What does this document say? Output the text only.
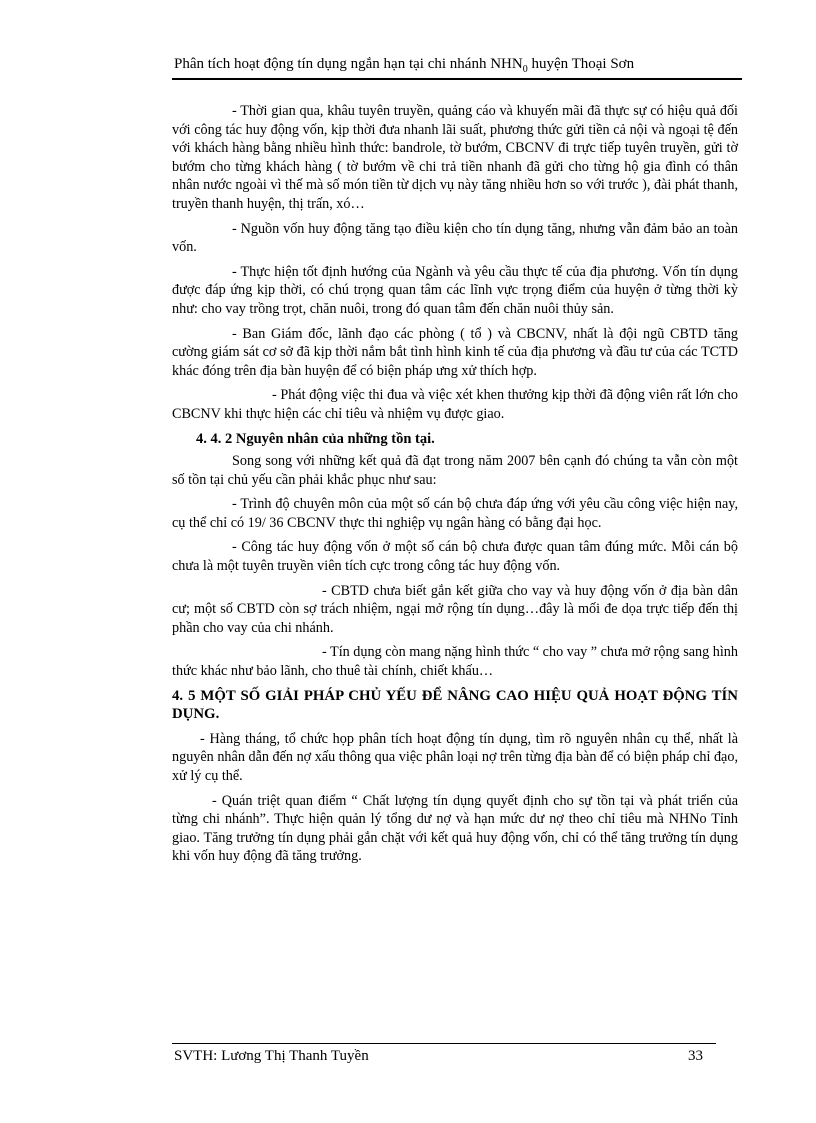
Phân tích hoạt động tín dụng ngắn hạn tại chi nhánh $NHN_0$ huyện Thoại Sơn

- Thời gian qua, khâu tuyên truyền, quảng cáo và khuyến mãi đã thực sự có hiệu quả đối với công tác huy động vốn, kịp thời đưa nhanh lãi suất, phương thức gửi tiền cả nội và ngoại tệ đến với khách hàng bằng nhiều hình thức: bandrole, tờ bướm, CBCNV đi trực tiếp tuyên truyền, gửi tờ bướm cho từng khách hàng ( tờ bướm về chi trả tiền nhanh đã gửi cho từng hộ gia đình có thân nhân nước ngoài vì thế mà số món tiền từ dịch vụ này tăng nhiều hơn so với trước ), đài phát thanh, truyền thanh huyện, thị trấn, xó…

- Nguồn vốn huy động tăng tạo điều kiện cho tín dụng tăng, nhưng vẫn đảm bảo an toàn vốn.

- Thực hiện tốt định hướng của Ngành và yêu cầu thực tế của địa phương. Vốn tín dụng được đáp ứng kịp thời, có chú trọng quan tâm các lĩnh vực trọng điểm của huyện ở từng thời kỳ như: cho vay trồng trọt, chăn nuôi, trong đó quan tâm đến chăn nuôi thủy sản.

- Ban Giám đốc, lãnh đạo các phòng ( tổ ) và CBCNV, nhất là đội ngũ CBTD tăng cường giám sát cơ sở đã kịp thời nắm bắt tình hình kinh tế của địa phương và đầu tư của các TCTD khác đóng trên địa bàn huyện để có biện pháp ưng xử thích hợp.

- Phát động việc thi đua và việc xét khen thưởng kịp thời đã động viên rất lớn cho CBCNV khi thực hiện các chỉ tiêu và nhiệm vụ được giao.

4. 4. 2 Nguyên nhân của những tồn tại.

Song song với những kết quả đã đạt trong năm 2007 bên cạnh đó chúng ta vẫn còn một số tồn tại chủ yếu cần phải khắc phục như sau:

- Trình độ chuyên môn của một số cán bộ chưa đáp ứng với yêu cầu công việc hiện nay, cụ thể chỉ có 19/ 36 CBCNV thực thi nghiệp vụ ngân hàng có bằng đại học.

- Công tác huy động vốn ở một số cán bộ chưa được quan tâm đúng mức. Mỗi cán bộ chưa là một tuyên truyền viên tích cực trong công tác huy động vốn.

- CBTD chưa biết gắn kết giữa cho vay và huy động vốn ở địa bàn dân cư; một số CBTD còn sợ trách nhiệm, ngại mở rộng tín dụng…đây là mối đe dọa trực tiếp đến thị phần cho vay của chi nhánh.

- Tín dụng còn mang nặng hình thức “ cho vay ” chưa mở rộng sang hình thức khác như bảo lãnh, cho thuê tài chính, chiết khấu…

4. 5 MỘT SỐ GIẢI PHÁP CHỦ YẾU ĐỂ NÂNG CAO HIỆU QUẢ HOẠT ĐỘNG TÍN DỤNG.

- Hàng tháng, tổ chức họp phân tích hoạt động tín dụng, tìm rõ nguyên nhân cụ thể, nhất là nguyên nhân dẫn đến nợ xấu thông qua việc phân loại nợ trên từng địa bàn để có biện pháp chỉ đạo, xử lý cụ thể.

- Quán triệt quan điểm “ Chất lượng tín dụng quyết định cho sự tồn tại và phát triển của từng chi nhánh”. Thực hiện quản lý tổng dư nợ và hạn mức dư nợ theo chỉ tiêu mà NHNo Tỉnh giao. Tăng trưởng tín dụng phải gắn chặt với kết quả huy động vốn, chỉ có thể tăng trưởng tín dụng khi vốn huy động đã tăng trưởng.

SVTH: Lương Thị Thanh Tuyền	33
